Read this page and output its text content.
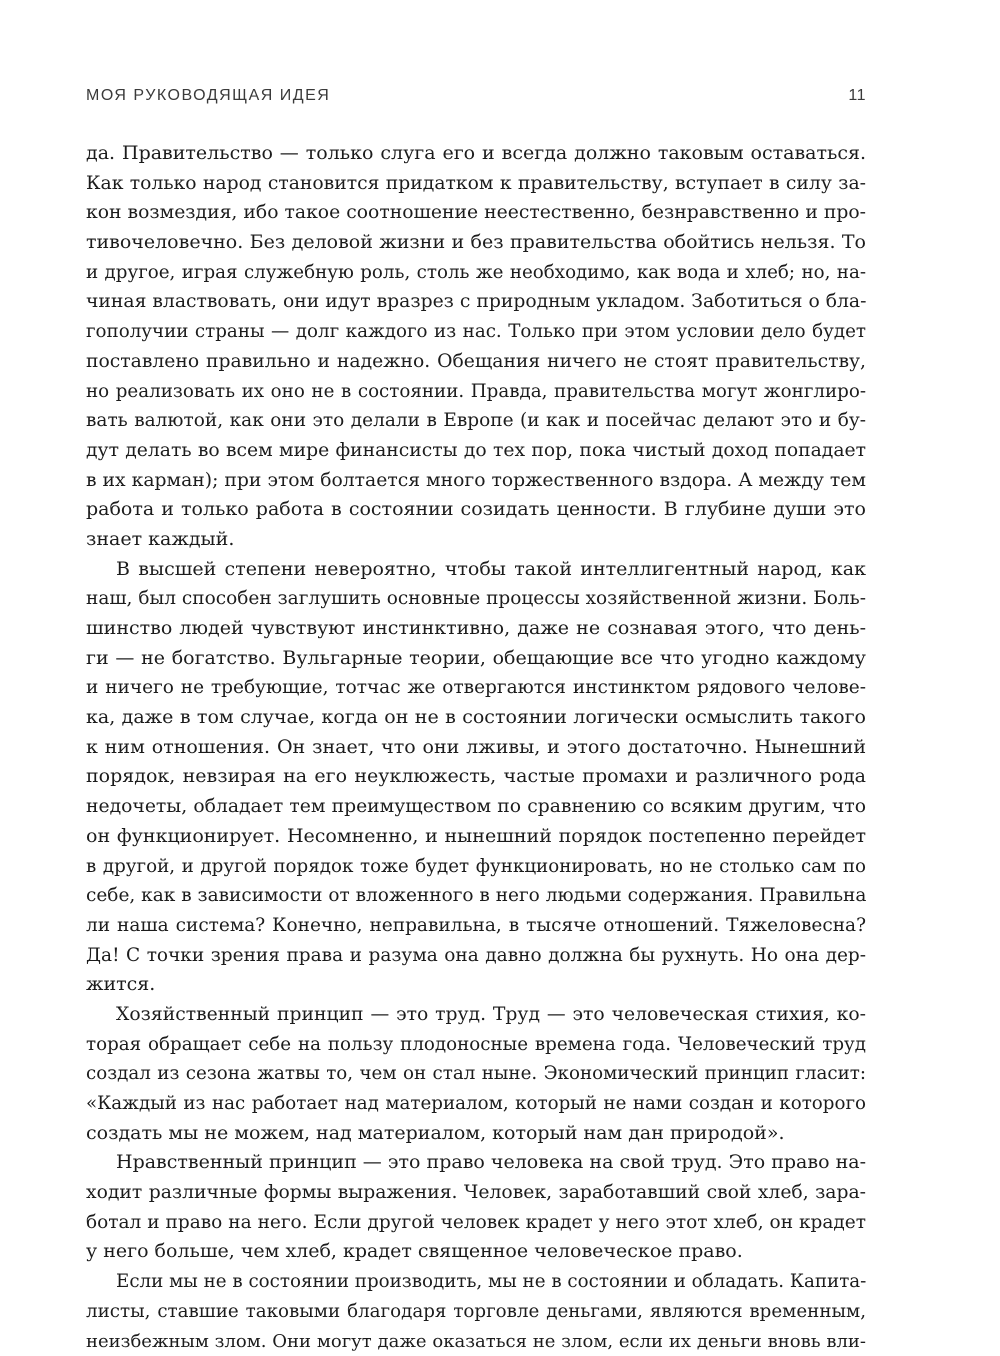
МОЯ РУКОВОДЯЩАЯ ИДЕЯ	11
да. Правительство — только слуга его и всегда должно таковым оставаться.
Как только народ становится придатком к правительству, вступает в силу за-
кон возмездия, ибо такое соотношение неестественно, безнравственно и про-
тивочеловечно. Без деловой жизни и без правительства обойтись нельзя. То
и другое, играя служебную роль, столь же необходимо, как вода и хлеб; но, на-
чиная властвовать, они идут вразрез с природным укладом. Заботиться о бла-
гополучии страны — долг каждого из нас. Только при этом условии дело будет
поставлено правильно и надежно. Обещания ничего не стоят правительству,
но реализовать их оно не в состоянии. Правда, правительства могут жонглиро-
вать валютой, как они это делали в Европе (и как и посейчас делают это и бу-
дут делать во всем мире финансисты до тех пор, пока чистый доход попадает
в их карман); при этом болтается много торжественного вздора. А между тем
работа и только работа в состоянии созидать ценности. В глубине души это
знает каждый.
В высшей степени невероятно, чтобы такой интеллигентный народ, как
наш, был способен заглушить основные процессы хозяйственной жизни. Боль-
шинство людей чувствуют инстинктивно, даже не сознавая этого, что день-
ги — не богатство. Вульгарные теории, обещающие все что угодно каждому
и ничего не требующие, тотчас же отвергаются инстинктом рядового челове-
ка, даже в том случае, когда он не в состоянии логически осмыслить такого
к ним отношения. Он знает, что они лживы, и этого достаточно. Нынешний
порядок, невзирая на его неуклюжесть, частые промахи и различного рода
недочеты, обладает тем преимуществом по сравнению со всяким другим, что
он функционирует. Несомненно, и нынешний порядок постепенно перейдет
в другой, и другой порядок тоже будет функционировать, но не столько сам по
себе, как в зависимости от вложенного в него людьми содержания. Правильна
ли наша система? Конечно, неправильна, в тысяче отношений. Тяжеловесна?
Да! С точки зрения права и разума она давно должна бы рухнуть. Но она дер-
жится.
Хозяйственный принцип — это труд. Труд — это человеческая стихия, ко-
торая обращает себе на пользу плодоносные времена года. Человеческий труд
создал из сезона жатвы то, чем он стал ныне. Экономический принцип гласит:
«Каждый из нас работает над материалом, который не нами создан и которого
создать мы не можем, над материалом, который нам дан природой».
Нравственный принцип — это право человека на свой труд. Это право на-
ходит различные формы выражения. Человек, заработавший свой хлеб, зара-
ботал и право на него. Если другой человек крадет у него этот хлеб, он крадет
у него больше, чем хлеб, крадет священное человеческое право.
Если мы не в состоянии производить, мы не в состоянии и обладать. Капита-
листы, ставшие таковыми благодаря торговле деньгами, являются временным,
неизбежным злом. Они могут даже оказаться не злом, если их деньги вновь вли-
